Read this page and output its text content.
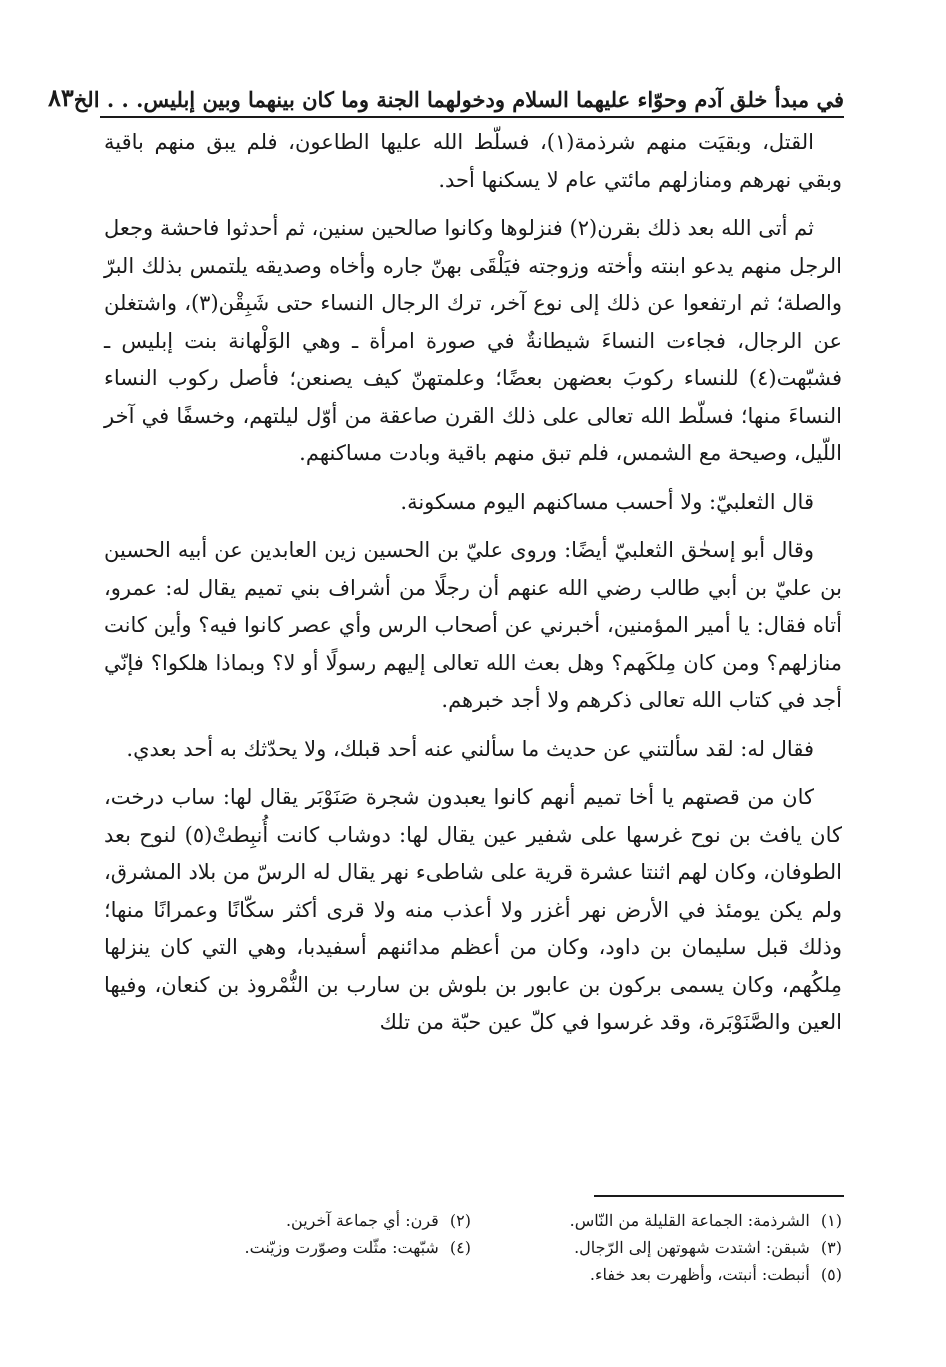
في مبدأ خلق آدم وحوّاء عليهما السلام ودخولهما الجنة وما كان بينهما وبين إبليس. . . الخ
٨٣

القتل، وبقيَت منهم شرذمة(١)، فسلّط الله عليها الطاعون، فلم يبق منهم باقية وبقي نهرهم ومنازلهم مائتي عام لا يسكنها أحد.

ثم أتى الله بعد ذلك بقرن(٢) فنزلوها وكانوا صالحين سنين، ثم أحدثوا فاحشة وجعل الرجل منهم يدعو ابنته وأخته وزوجته فيَلْقَى بهنّ جاره وأخاه وصديقه يلتمس بذلك البرّ والصلة؛ ثم ارتفعوا عن ذلك إلى نوع آخر، ترك الرجال النساء حتى شَبِقْن(٣)، واشتغلن عن الرجال، فجاءت النساءَ شيطانةٌ في صورة امرأة ـ وهي الوَلْهانة بنت إبليس ـ فشبّهت(٤) للنساء ركوبَ بعضهن بعضًا؛ وعلمتهنّ كيف يصنعن؛ فأصل ركوب النساء النساءَ منها؛ فسلّط الله تعالى على ذلك القرن صاعقة من أوّل ليلتهم، وخسفًا في آخر اللّيل، وصيحة مع الشمس، فلم تبق منهم باقية وبادت مساكنهم.

قال الثعلبيّ: ولا أحسب مساكنهم اليوم مسكونة.

وقال أبو إسحٰق الثعلبيّ أيضًا: وروى عليّ بن الحسين زين العابدين عن أبيه الحسين بن عليّ بن أبي طالب رضي الله عنهم أن رجلًا من أشراف بني تميم يقال له: عمرو، أتاه فقال: يا أمير المؤمنين، أخبرني عن أصحاب الرس وأي عصر كانوا فيه؟ وأين كانت منازلهم؟ ومن كان مِلكَهم؟ وهل بعث الله تعالى إليهم رسولًا أو لا؟ وبماذا هلكوا؟ فإنّي أجد في كتاب الله تعالى ذكرهم ولا أجد خبرهم.

فقال له: لقد سألتني عن حديث ما سألني عنه أحد قبلك، ولا يحدّثك به أحد بعدي.

كان من قصتهم يا أخا تميم أنهم كانوا يعبدون شجرة صَنَوْبَر يقال لها: ساب درخت، كان يافث بن نوح غرسها على شفير عين يقال لها: دوشاب كانت أُنبِطتْ(٥) لنوح بعد الطوفان، وكان لهم اثنتا عشرة قرية على شاطىء نهر يقال له الرسّ من بلاد المشرق، ولم يكن يومئذ في الأرض نهر أغزر ولا أعذب منه ولا قرى أكثر سكّانًا وعمرانًا منها؛ وذلك قبل سليمان بن داود، وكان من أعظم مدائنهم أسفيدبا، وهي التي كان ينزلها مِلكُهم، وكان يسمى بركون بن عابور بن بلوش بن سارب بن النُّمْروذ بن كنعان، وفيها العين والصَّنَوْبَرة، وقد غرسوا في كلّ عين حبّة من تلك

(١) الشرذمة: الجماعة القليلة من النّاس.
(٢) قرن: أي جماعة آخرين.
(٣) شبقن: اشتدت شهوتهن إلى الرّجال.
(٤) شبّهت: مثّلت وصوّرت وزيّنت.
(٥) أنبطت: أنبتت، وأظهرت بعد خفاء.
